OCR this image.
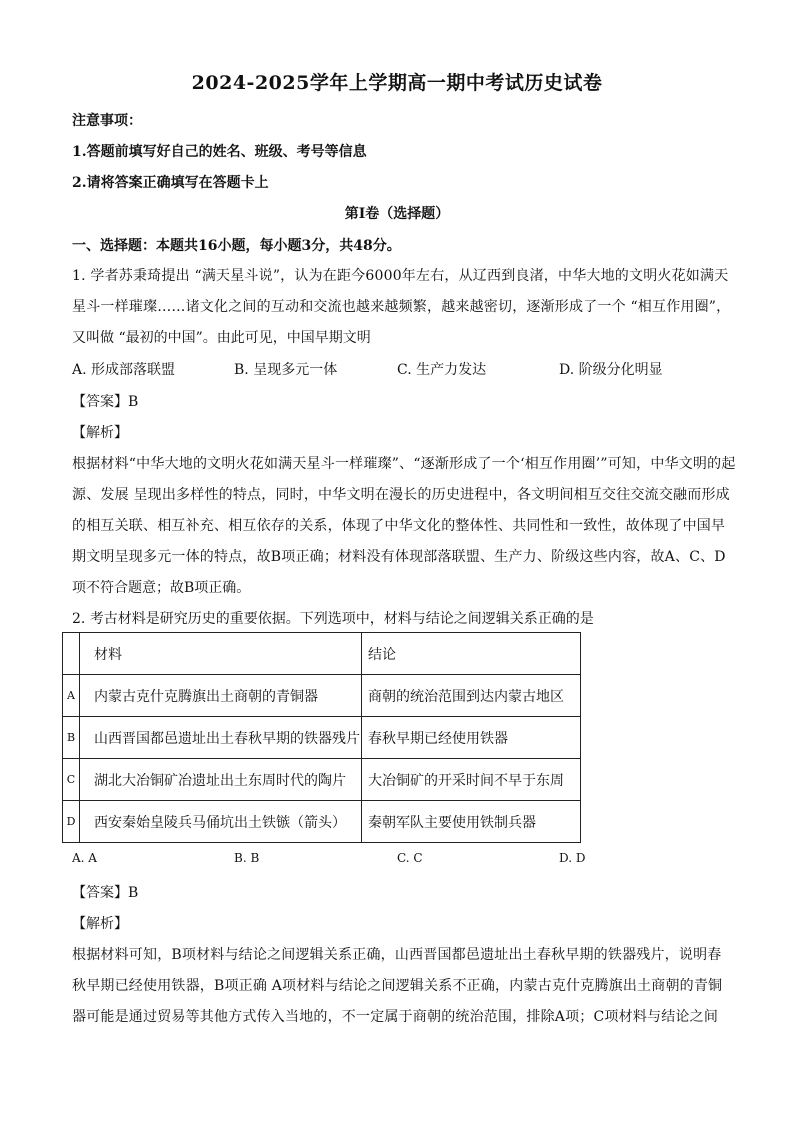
2024-2025学年上学期高一期中考试历史试卷
注意事项：
1.答题前填写好自己的姓名、班级、考号等信息
2.请将答案正确填写在答题卡上
第I卷（选择题）
一、选择题：本题共16小题，每小题3分，共48分。
1. 学者苏秉琦提出 “满天星斗说”，认为在距今6000年左右，从辽西到良渚，中华大地的文明火花如满天
星斗一样璀璨……诸文化之间的互动和交流也越来越频繁，越来越密切，逐渐形成了一个 “相互作用圈”，
又叫做 “最初的中国”。由此可见，中国早期文明
A. 形成部落联盟	B. 呈现多元一体	C. 生产力发达	D. 阶级分化明显
【答案】B
【解析】
根据材料“中华大地的文明火花如满天星斗一样璀璨”、“逐渐形成了一个‘相互作用圈’”可知，中华文明的起
源、发展 呈现出多样性的特点，同时，中华文明在漫长的历史进程中，各文明间相互交往交流交融而形成
的相互关联、相互补充、相互依存的关系，体现了中华文化的整体性、共同性和一致性，故体现了中国早
期文明呈现多元一体的特点，故B项正确；材料没有体现部落联盟、生产力、阶级这些内容，故A、C、D
项不符合题意；故B项正确。
2. 考古材料是研究历史的重要依据。下列选项中，材料与结论之间逻辑关系正确的是
	材料	结论
A	内蒙古克什克腾旗出土商朝的青铜器	商朝的统治范围到达内蒙古地区
B	山西晋国都邑遗址出土春秋早期的铁器残片	春秋早期已经使用铁器
C	湖北大冶铜矿冶遗址出土东周时代的陶片	大冶铜矿的开采时间不早于东周
D	西安秦始皇陵兵马俑坑出土铁镞（箭头）	秦朝军队主要使用铁制兵器
A. A	B. B	C. C	D. D
【答案】B
【解析】
根据材料可知，B项材料与结论之间逻辑关系正确，山西晋国都邑遗址出土春秋早期的铁器残片，说明春
秋早期已经使用铁器，B项正确 A项材料与结论之间逻辑关系不正确，内蒙古克什克腾旗出土商朝的青铜
器可能是通过贸易等其他方式传入当地的，不一定属于商朝的统治范围，排除A项；C项材料与结论之间
